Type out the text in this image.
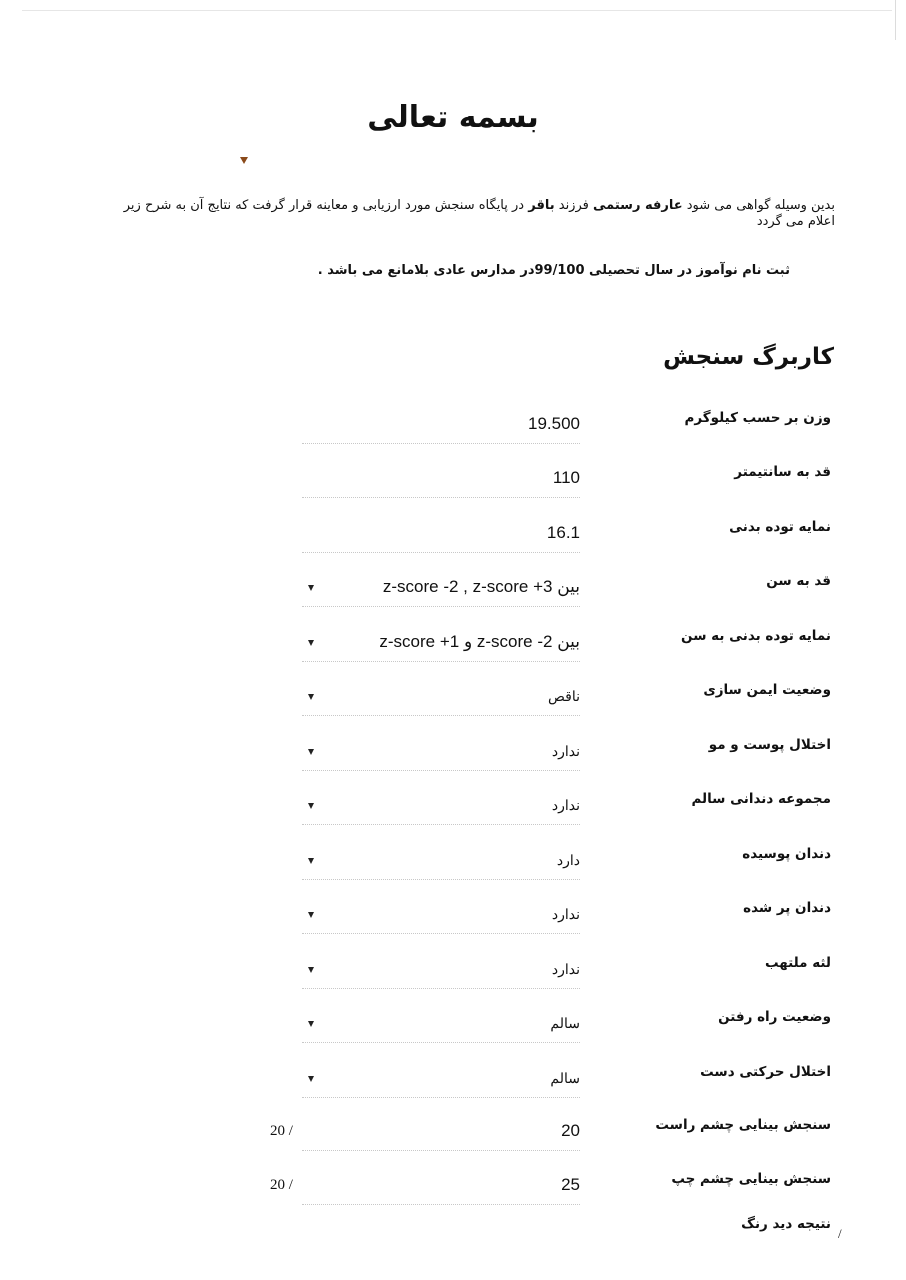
بسمه تعالی
بدین وسیله گواهی می شود عارفه رستمی فرزند باقر در پایگاه سنجش مورد ارزیابی و معاینه قرار گرفت که نتایج آن به شرح زیر اعلام می گردد
ثبت نام نوآموز در سال تحصیلی 99/100در مدارس عادی بلامانع می باشد .
کاربرگ سنجش
وزن بر حسب کیلوگرم
19.500
قد به سانتیمتر
110
نمایه توده بدنی
16.1
قد به سن
بین z-score -2 , z-score +3
نمایه توده بدنی به سن
بین z-score -2 و z-score +1
وضعیت ایمن سازی
ناقص
اختلال پوست و مو
ندارد
مجموعه دندانی سالم
ندارد
دندان پوسیده
دارد
دندان پر شده
ندارد
لثه ملتهب
ندارد
وضعیت راه رفتن
سالم
اختلال حرکتی دست
سالم
سنجش بینایی چشم راست
20
20 /
سنجش بینایی چشم چپ
25
20 /
نتیجه دید رنگ
/
